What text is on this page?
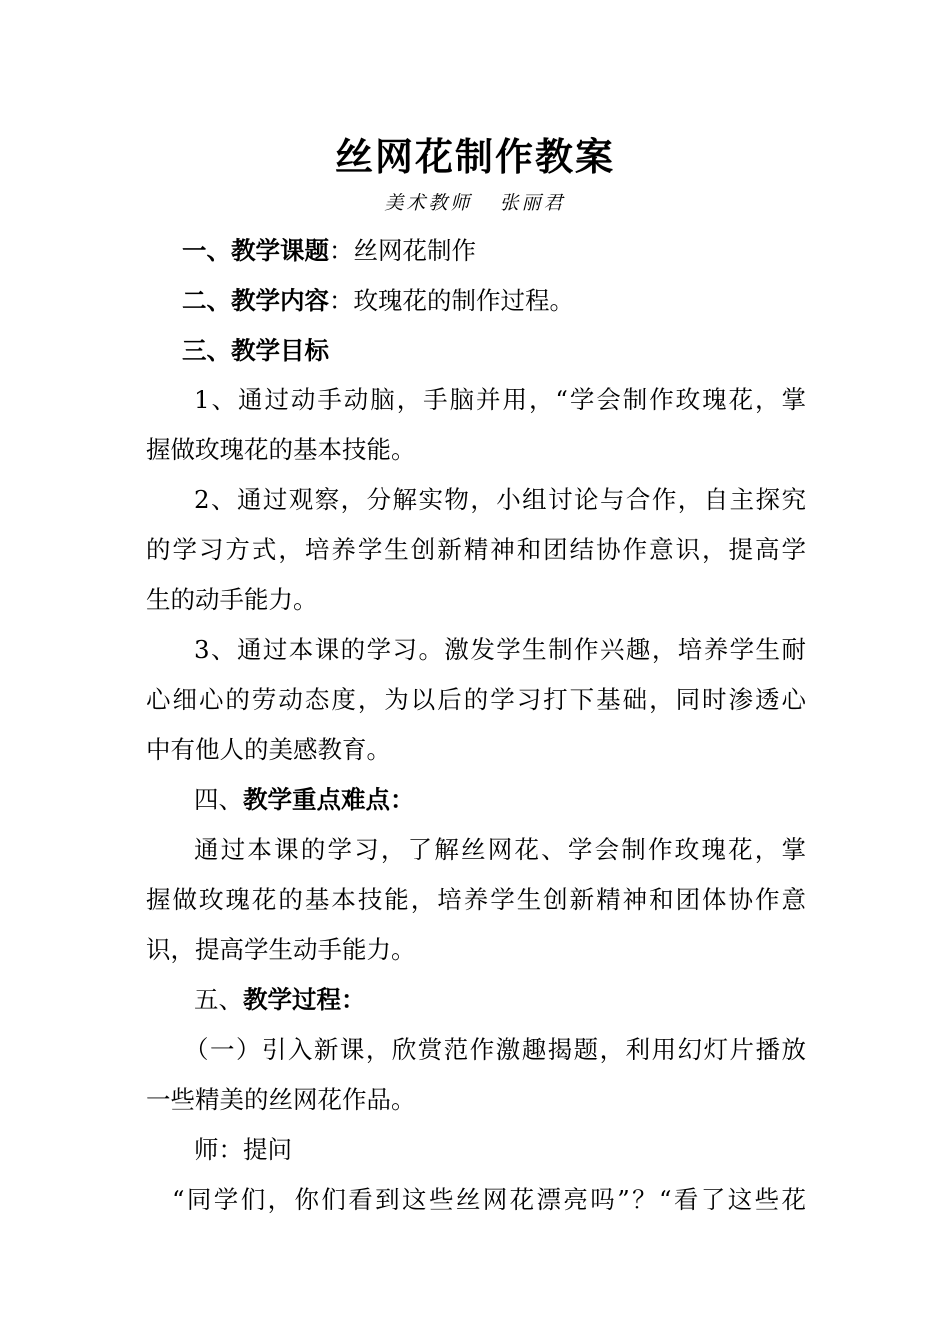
丝网花制作教案
美术教师 张丽君
一、教学课题：丝网花制作
二、教学内容：玫瑰花的制作过程。
三、教学目标
1、通过动手动脑，手脑并用，“学会制作玫瑰花，掌
握做玫瑰花的基本技能。
2、通过观察，分解实物，小组讨论与合作，自主探究
的学习方式，培养学生创新精神和团结协作意识，提高学
生的动手能力。
3、通过本课的学习。激发学生制作兴趣，培养学生耐
心细心的劳动态度，为以后的学习打下基础，同时渗透心
中有他人的美感教育。
四、教学重点难点：
通过本课的学习，了解丝网花、学会制作玫瑰花，掌
握做玫瑰花的基本技能，培养学生创新精神和团体协作意
识，提高学生动手能力。
五、教学过程：
（一）引入新课，欣赏范作激趣揭题，利用幻灯片播放
一些精美的丝网花作品。
师：提问
“同学们，你们看到这些丝网花漂亮吗”？“看了这些花
